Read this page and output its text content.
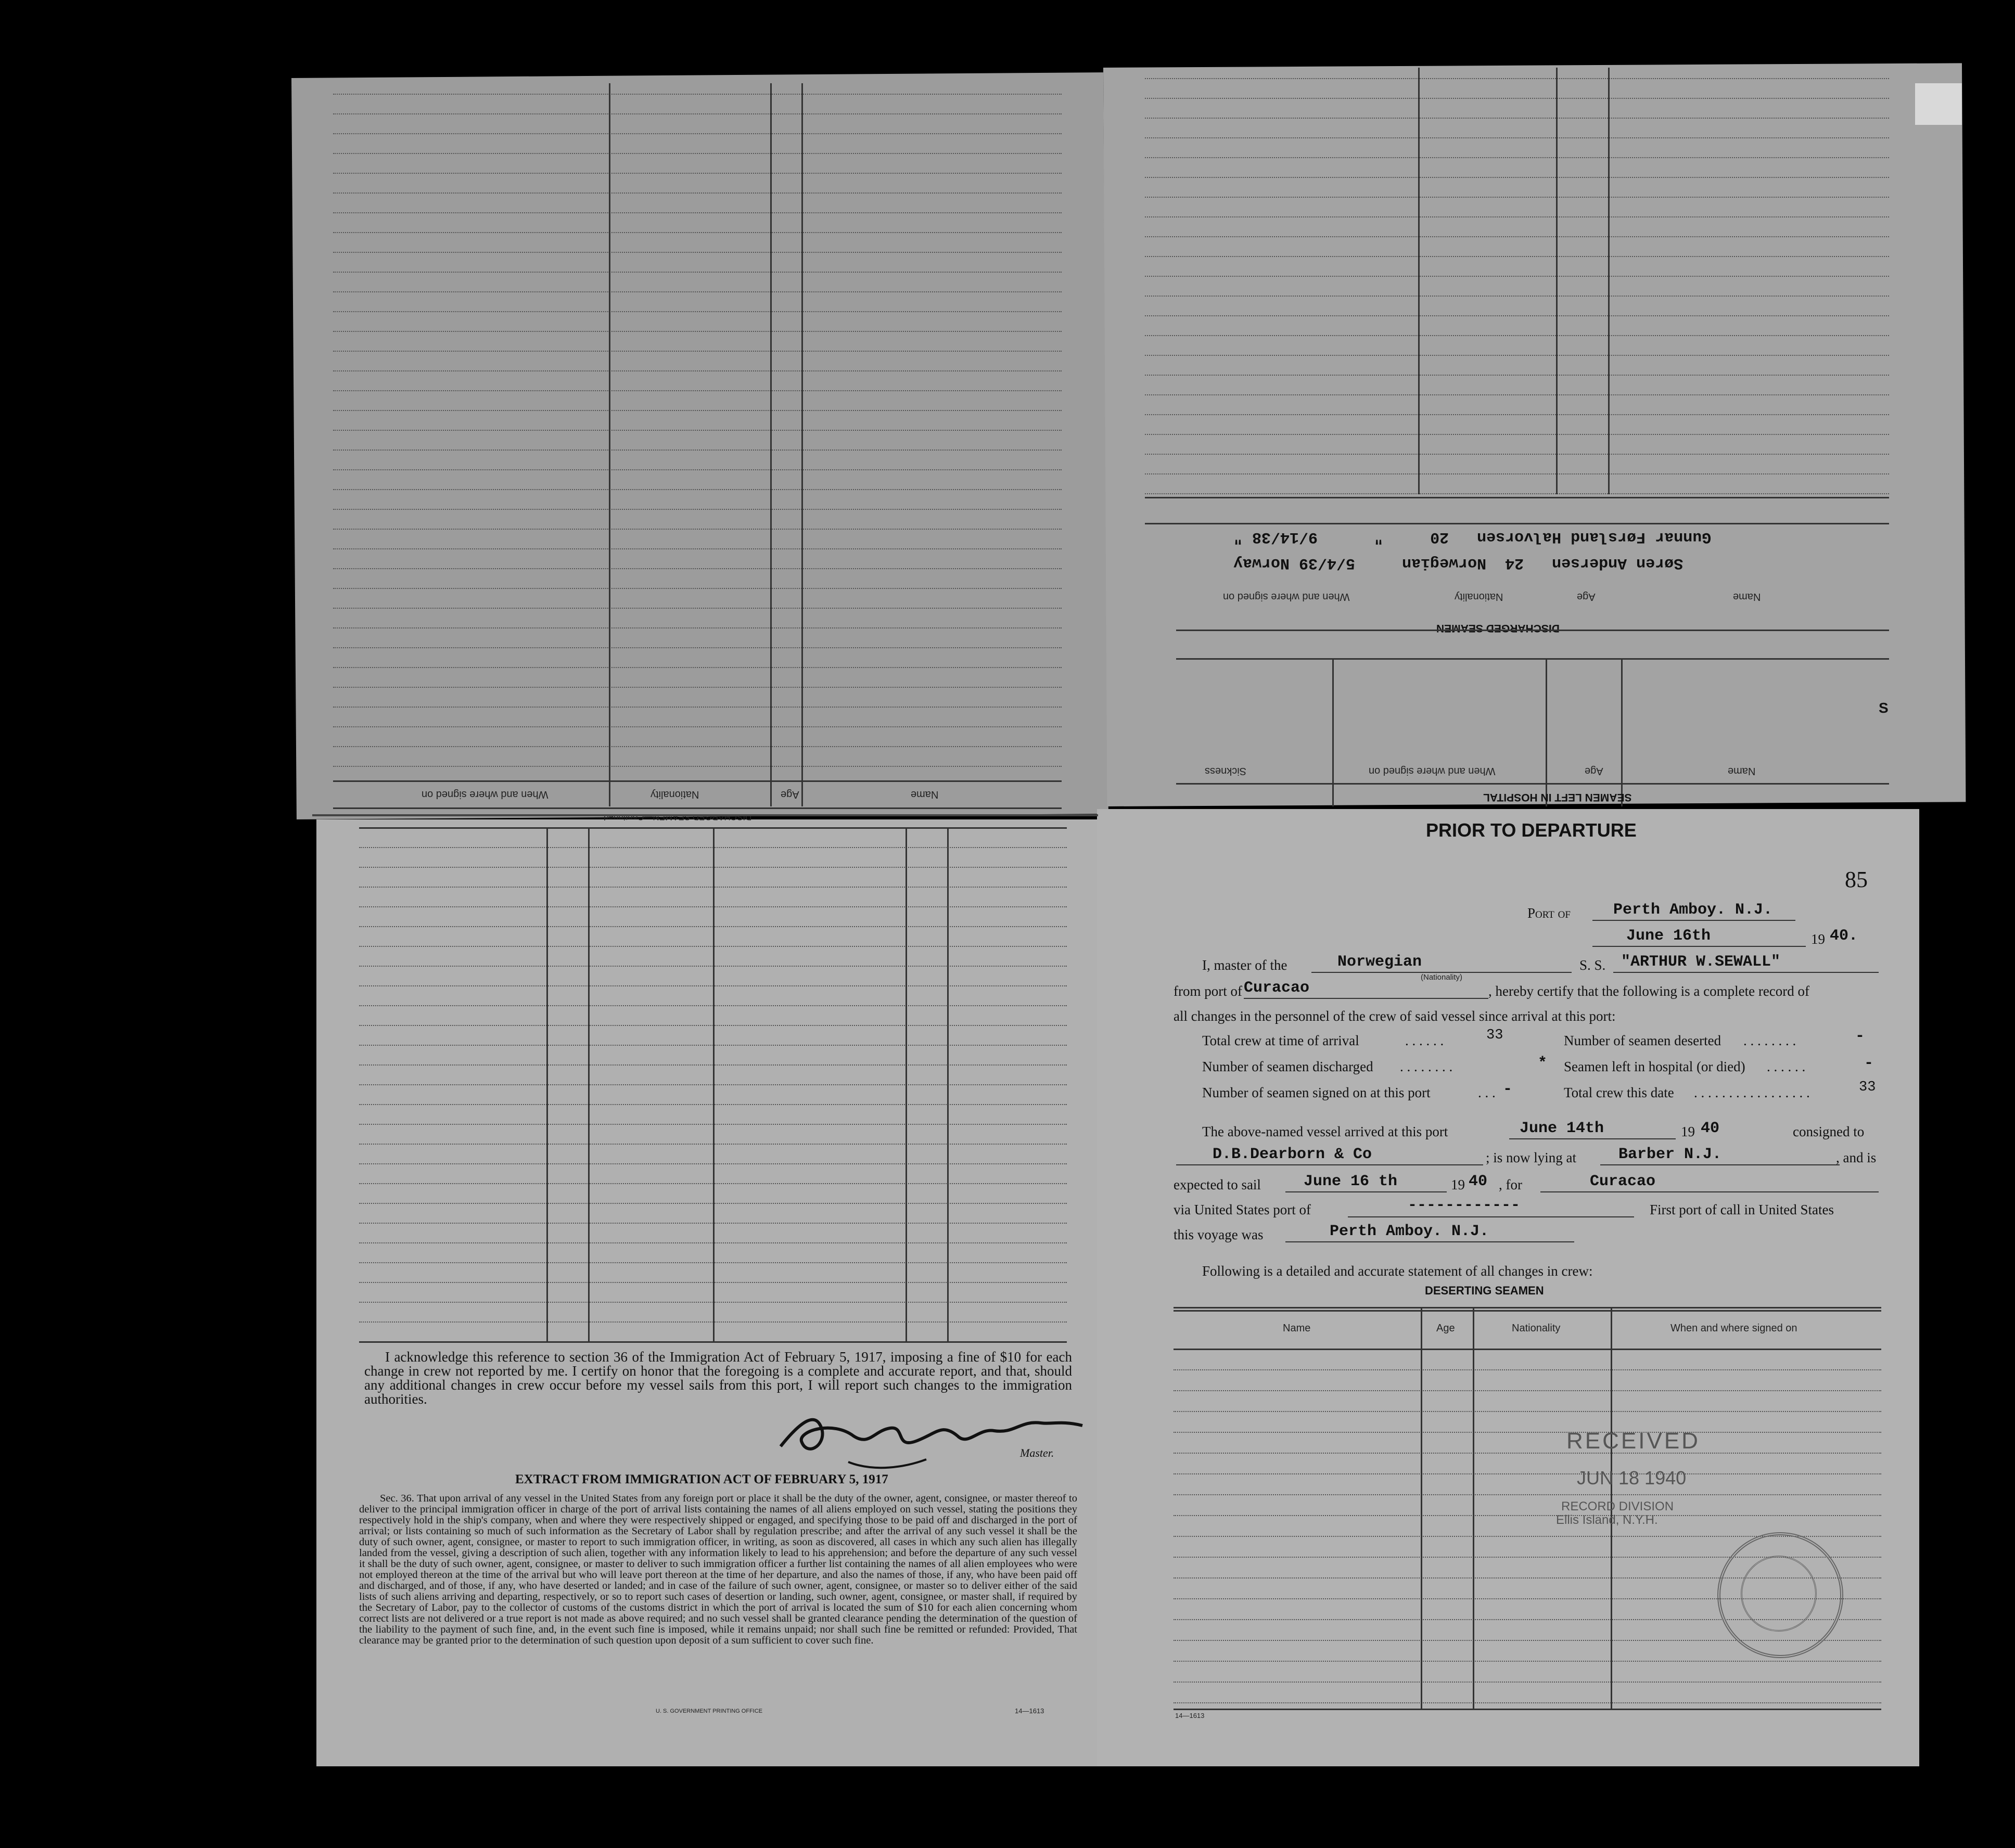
When and where signed on	Nationality	Age	Name
DISCHARGED SEAMEN—Continued
When and where signed on	Nationality	Age	Name
DISCHARGED SEAMEN
Søren Andersen   24  Norwegian     5/4/39 Norway
Gunnar Førsland Halvorsen   20     "      9/14/38 "
Sickness	When and where signed on	Age	Name
SEAMEN LEFT IN HOSPITAL
S
I acknowledge this reference to section 36 of the Immigration Act of February 5, 1917, imposing a fine of $10 for each change in crew not reported by me. I certify on honor that the foregoing is a complete and accurate report, and that, should any additional changes in crew occur before my vessel sails from this port, I will report such changes to the immigration authorities.
Master.
EXTRACT FROM IMMIGRATION ACT OF FEBRUARY 5, 1917
Sec. 36. That upon arrival of any vessel in the United States from any foreign port or place it shall be the duty of the owner, agent, consignee, or master thereof to deliver to the principal immigration officer in charge of the port of arrival lists containing the names of all aliens employed on such vessel, stating the positions they respectively hold in the ship's company, when and where they were respectively shipped or engaged, and specifying those to be paid off and discharged in the port of arrival; or lists containing so much of such information as the Secretary of Labor shall by regulation prescribe; and after the arrival of any such vessel it shall be the duty of such owner, agent, consignee, or master to report to such immigration officer, in writing, as soon as discovered, all cases in which any such alien has illegally landed from the vessel, giving a description of such alien, together with any information likely to lead to his apprehension; and before the departure of any such vessel it shall be the duty of such owner, agent, consignee, or master to deliver to such immigration officer a further list containing the names of all alien employees who were not employed thereon at the time of the arrival but who will leave port thereon at the time of her departure, and also the names of those, if any, who have been paid off and discharged, and of those, if any, who have deserted or landed; and in case of the failure of such owner, agent, consignee, or master so to deliver either of the said lists of such aliens arriving and departing, respectively, or so to report such cases of desertion or landing, such owner, agent, consignee, or master shall, if required by the Secretary of Labor, pay to the collector of customs of the customs district in which the port of arrival is located the sum of $10 for each alien concerning whom correct lists are not delivered or a true report is not made as above required; and no such vessel shall be granted clearance pending the determination of the question of the liability to the payment of such fine, and, in the event such fine is imposed, while it remains unpaid; nor shall such fine be remitted or refunded: Provided, That clearance may be granted prior to the determination of such question upon deposit of a sum sufficient to cover such fine.
U. S. GOVERNMENT PRINTING OFFICE	14—1613
PRIOR TO DEPARTURE
85
Port of	Perth Amboy. N.J.
June 16th	19 40.
I, master of the	Norwegian
(Nationality)
S. S. "ARTHUR W.SEWALL"
from port of Curacao	, hereby certify that the following is a complete record of
all changes in the personnel of the crew of said vessel since arrival at this port:
Total crew at time of arrival	. . . . . .	33	Number of seamen deserted . . . . . . . .	-
Number of seamen discharged . . . . . . . .	* Seamen left in hospital (or died) . . . . . .	-
Number of seamen signed on at this port	. . . -	Total crew this date . . . . . . . . . . . . . . . . .	33
The above-named vessel arrived at this port	June 14th	19 40	consigned to
D.B.Dearborn & Co	; is now lying at	Barber N.J.	, and is
expected to sail	June 16 th	19 40 , for	Curacao
via United States port of	------------	First port of call in United States
this voyage was	Perth Amboy. N.J.
Following is a detailed and accurate statement of all changes in crew:
DESERTING SEAMEN
Name	Age	Nationality	When and where signed on
14—1613
RECEIVED
JUN 18 1940
RECORD DIVISION
Ellis Island, N.Y.H.
